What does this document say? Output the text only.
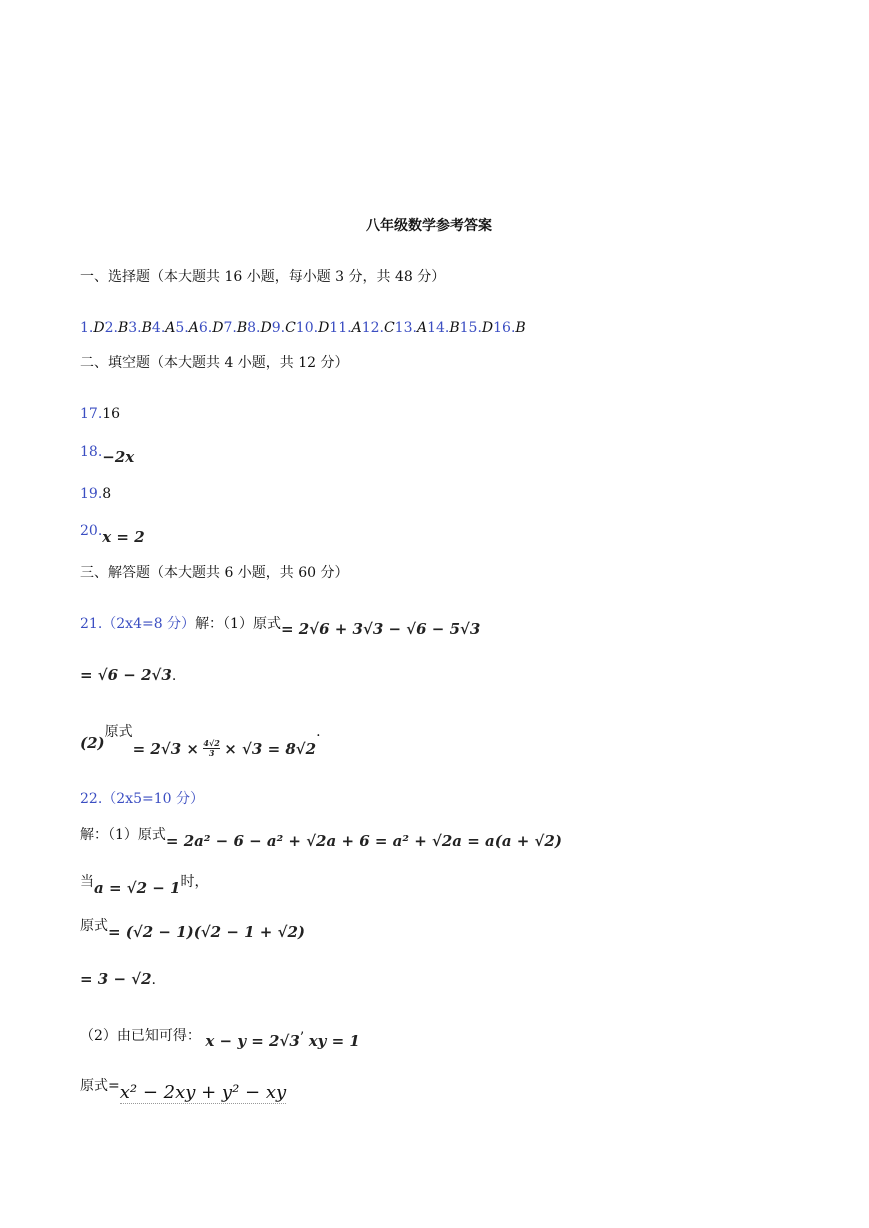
八年级数学参考答案
一、选择题（本大题共 16 小题，每小题 3 分，共 48 分）
1.D2.B3.B4.A5.A6.D7.B8.D9.C10.D11.A12.C13.A14.B15.D16.B
二、填空题（本大题共 4 小题，共 12 分）
17.16
18.−2x
19.8
20.x = 2
三、解答题（本大题共 6 小题，共 60 分）
21.（2x4=8 分）解：（1）原式= 2√6 + 3√3 − √6 − 5√3
= √6 − 2√3.
(2)原式= $2√3 \times \frac{4√2}{3} \times √3 = 8√2$.
22.（2x5=10 分）
解：（1）原式= 2a² − 6 − a² + √2a + 6 = a² + √2a = a(a + √2)
当a = √2 − 1时，
原式= (√2 − 1)(√2 − 1 + √2)
= 3 − √2.
（2）由已知可得： x − y = 2√3’ xy = 1
原式=x² − 2xy + y² − xy
